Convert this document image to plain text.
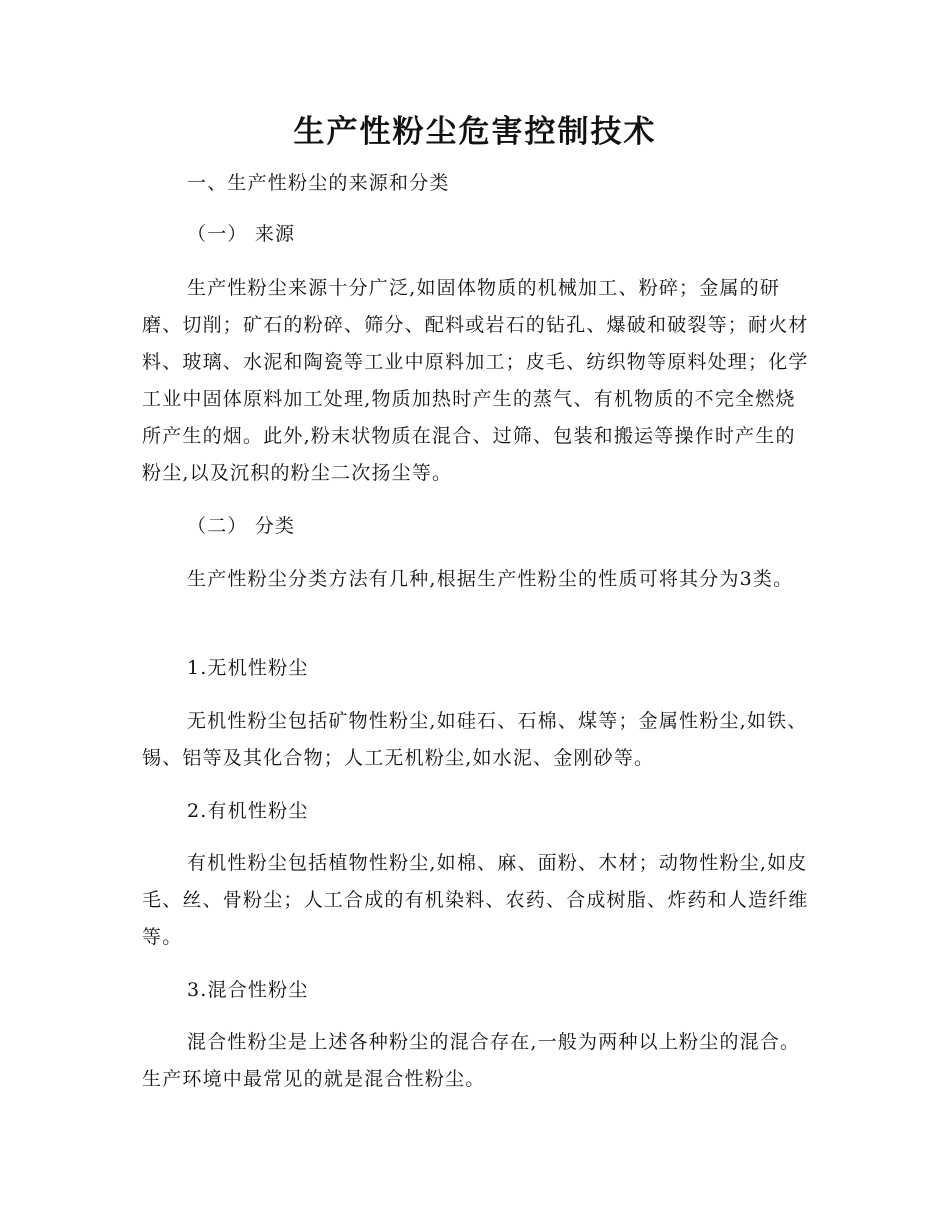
生产性粉尘危害控制技术

一、生产性粉尘的来源和分类

（一） 来源

生产性粉尘来源十分广泛,如固体物质的机械加工、粉碎；金属的研磨、切削；矿石的粉碎、筛分、配料或岩石的钻孔、爆破和破裂等；耐火材料、玻璃、水泥和陶瓷等工业中原料加工；皮毛、纺织物等原料处理；化学工业中固体原料加工处理,物质加热时产生的蒸气、有机物质的不完全燃烧所产生的烟。此外,粉末状物质在混合、过筛、包装和搬运等操作时产生的粉尘,以及沉积的粉尘二次扬尘等。

（二） 分类

生产性粉尘分类方法有几种,根据生产性粉尘的性质可将其分为3类。

1.无机性粉尘

无机性粉尘包括矿物性粉尘,如硅石、石棉、煤等；金属性粉尘,如铁、锡、铝等及其化合物；人工无机粉尘,如水泥、金刚砂等。

2.有机性粉尘

有机性粉尘包括植物性粉尘,如棉、麻、面粉、木材；动物性粉尘,如皮毛、丝、骨粉尘；人工合成的有机染料、农药、合成树脂、炸药和人造纤维等。

3.混合性粉尘

混合性粉尘是上述各种粉尘的混合存在,一般为两种以上粉尘的混合。生产环境中最常见的就是混合性粉尘。
